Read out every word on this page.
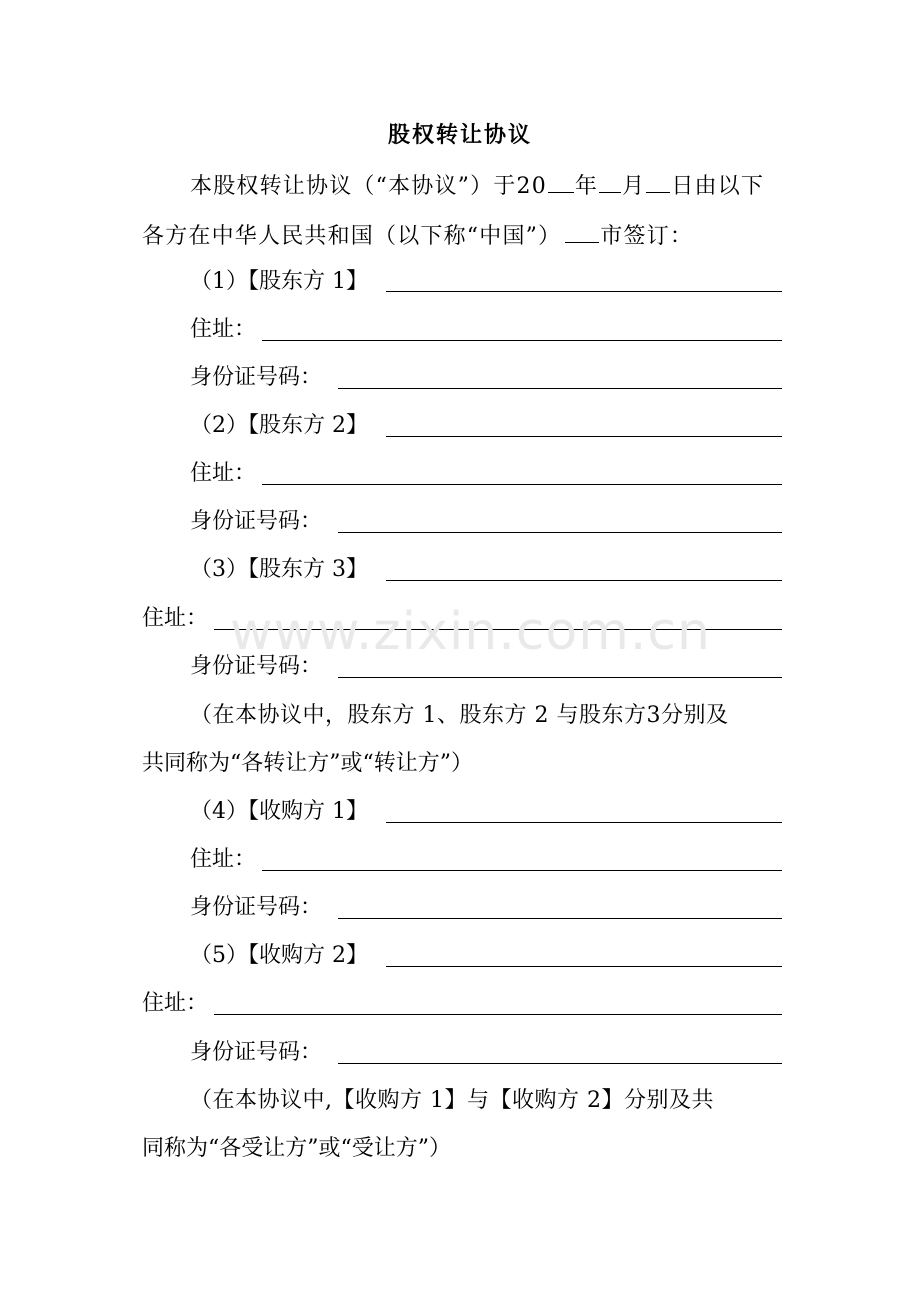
股权转让协议
本股权转让协议（“本协议”）于20 年 月 日由以下
各方在中华人民共和国（以下称“中国”） 市签订：
（1）【股东方 1】
住址：
身份证号码：
（2）【股东方 2】
住址：
身份证号码：
（3）【股东方 3】
住址：
身份证号码：
（在本协议中，股东方 1、股东方 2 与股东方3分别及
共同称为“各转让方”或“转让方”）
（4）【收购方 1】
住址：
身份证号码：
（5）【收购方 2】
住址：
身份证号码：
（在本协议中,【收购方 1】与【收购方 2】分别及共
同称为“各受让方”或“受让方”）
www.zixin.com.cn
